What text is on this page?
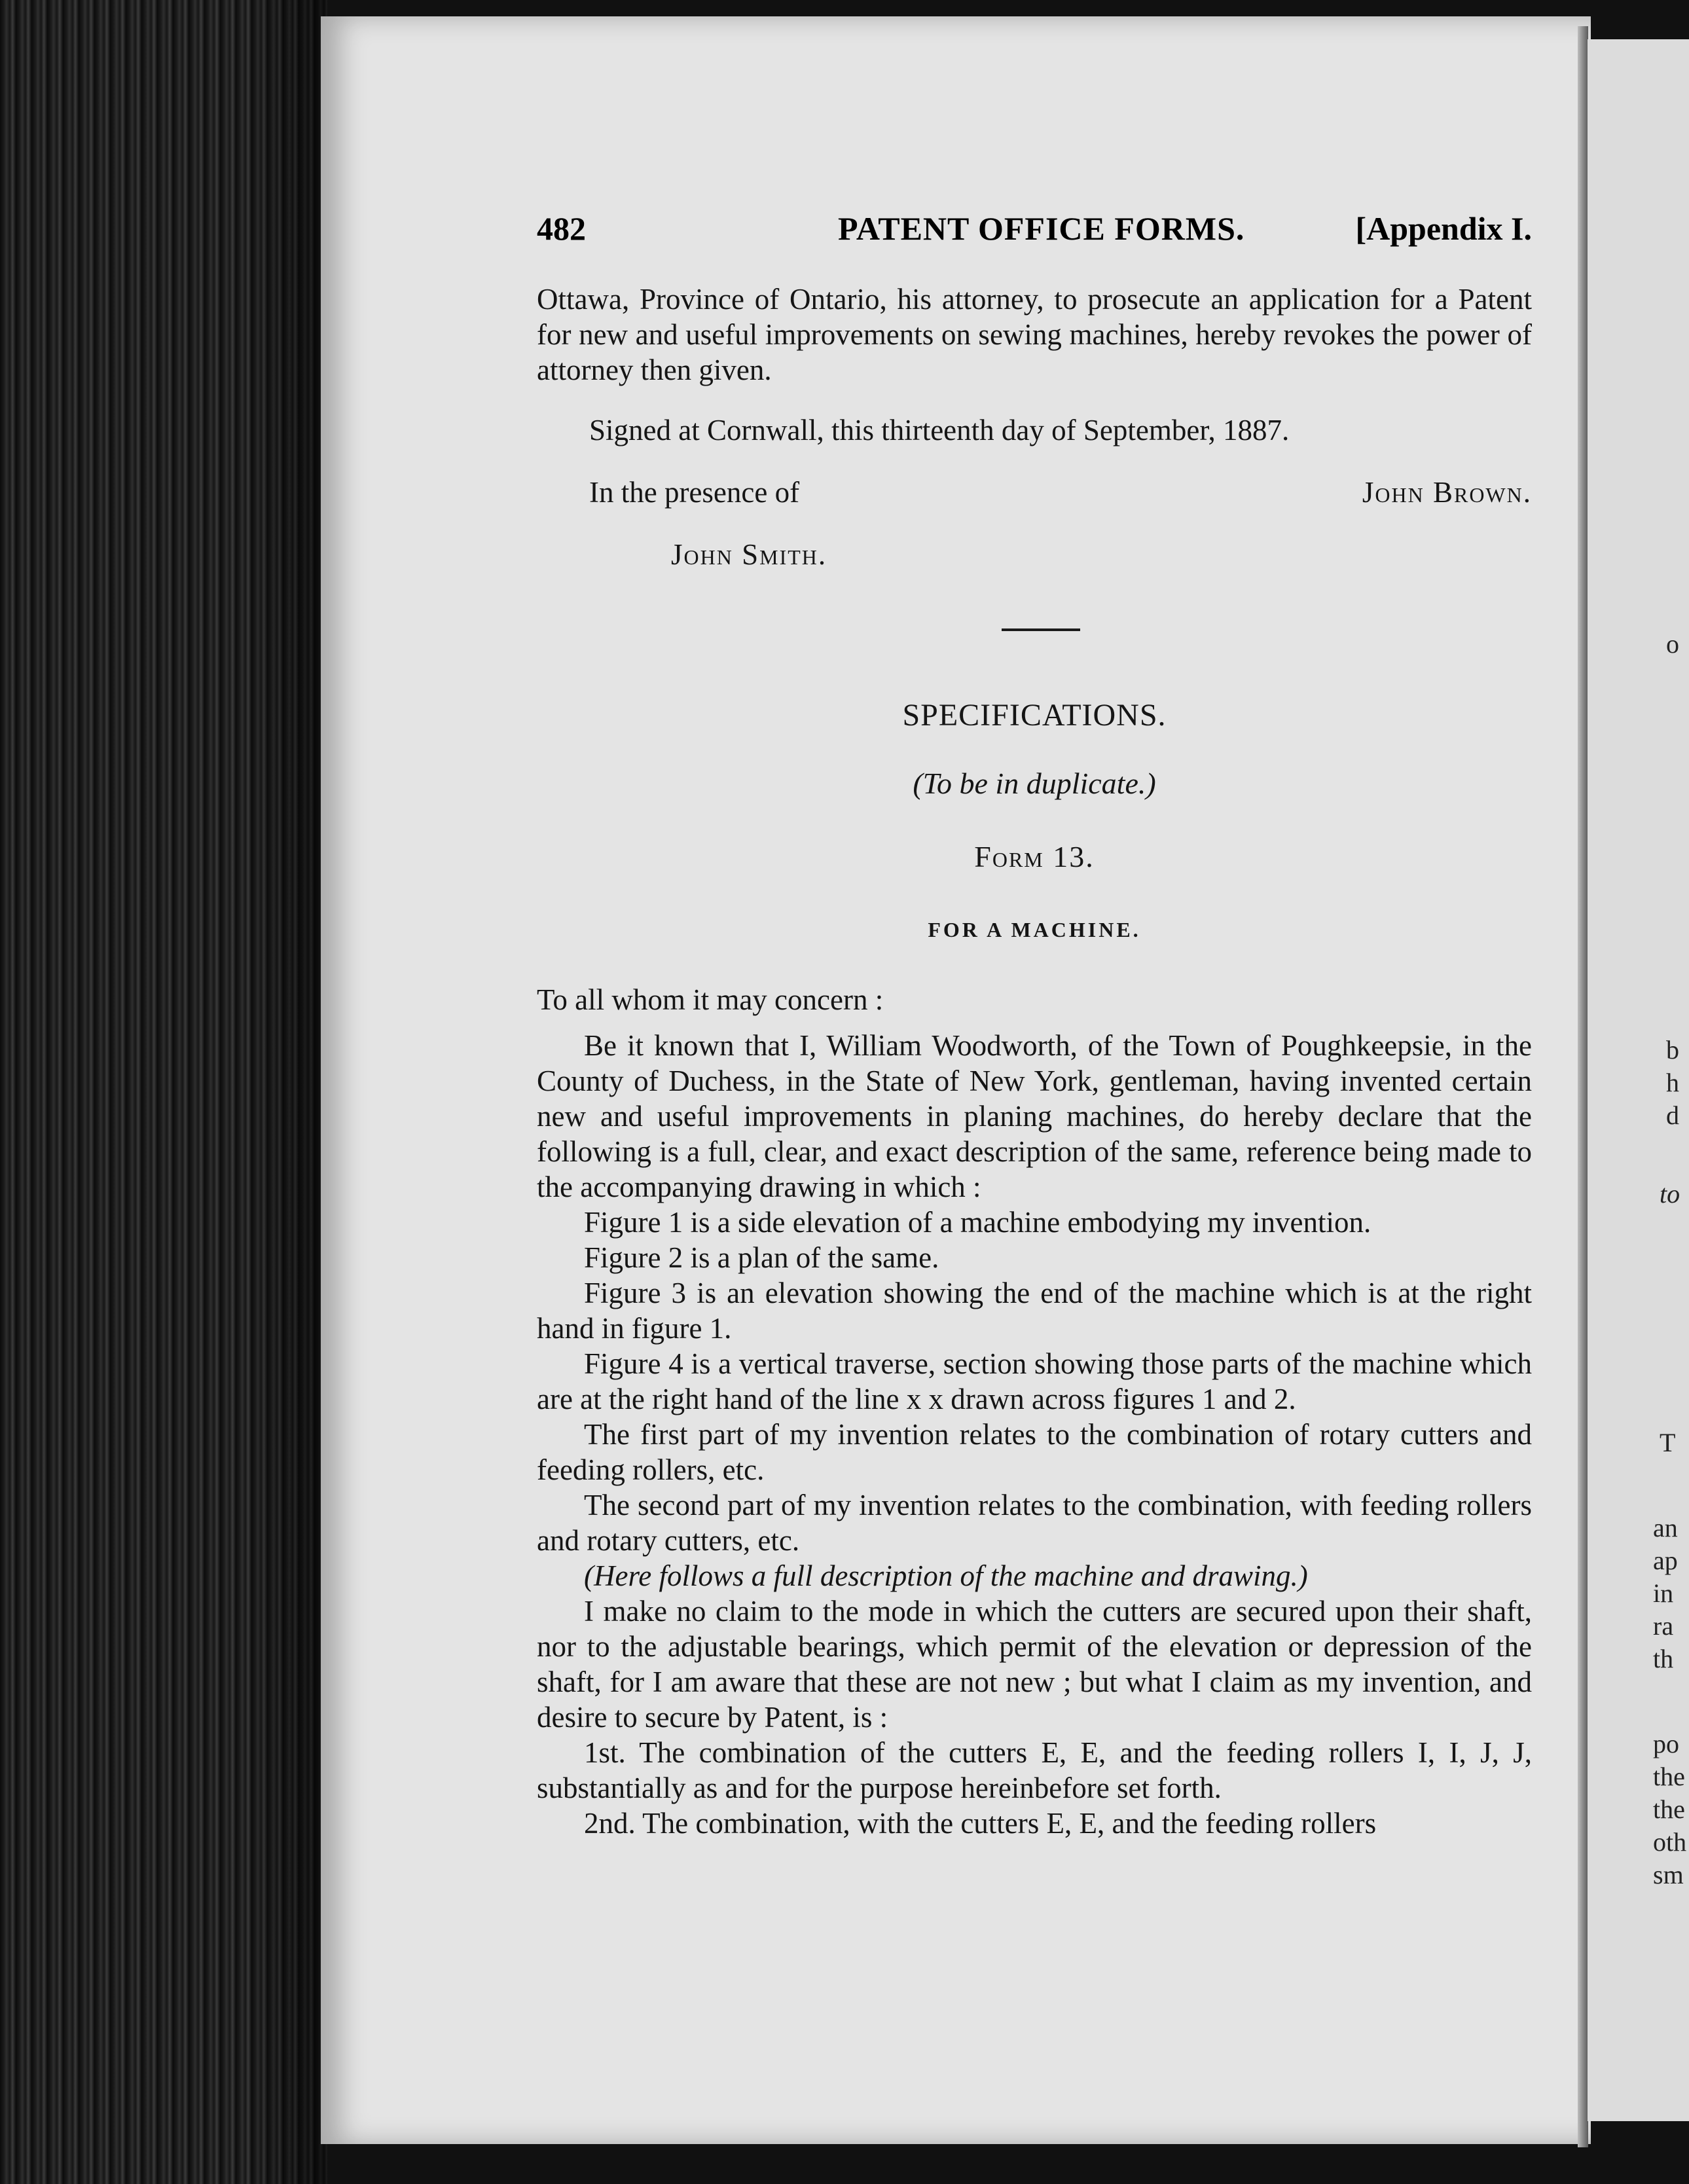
o
b
h
d
to
T
an
ap
in
ra
th
po
the
the
oth
sm
482	PATENT OFFICE FORMS.	[Appendix I.

Ottawa, Province of Ontario, his attorney, to prosecute an application for a Patent for new and useful improvements on sewing machines, hereby revokes the power of attorney then given.

Signed at Cornwall, this thirteenth day of September, 1887.

In the presence of	John Brown.
John Smith.
SPECIFICATIONS.
(To be in duplicate.)
Form 13.
FOR A MACHINE.

To all whom it may concern :

Be it known that I, William Woodworth, of the Town of Poughkeepsie, in the County of Duchess, in the State of New York, gentleman, having invented certain new and useful improvements in planing machines, do hereby declare that the following is a full, clear, and exact description of the same, reference being made to the accompanying drawing in which :

Figure 1 is a side elevation of a machine embodying my invention.

Figure 2 is a plan of the same.

Figure 3 is an elevation showing the end of the machine which is at the right hand in figure 1.

Figure 4 is a vertical traverse, section showing those parts of the machine which are at the right hand of the line x x drawn across figures 1 and 2.

The first part of my invention relates to the combination of rotary cutters and feeding rollers, etc.

The second part of my invention relates to the combination, with feeding rollers and rotary cutters, etc.

(Here follows a full description of the machine and drawing.)

I make no claim to the mode in which the cutters are secured upon their shaft, nor to the adjustable bearings, which permit of the elevation or depression of the shaft, for I am aware that these are not new ; but what I claim as my invention, and desire to secure by Patent, is :

1st. The combination of the cutters E, E, and the feeding rollers I, I, J, J, substantially as and for the purpose hereinbefore set forth.

2nd. The combination, with the cutters E, E, and the feeding rollers
